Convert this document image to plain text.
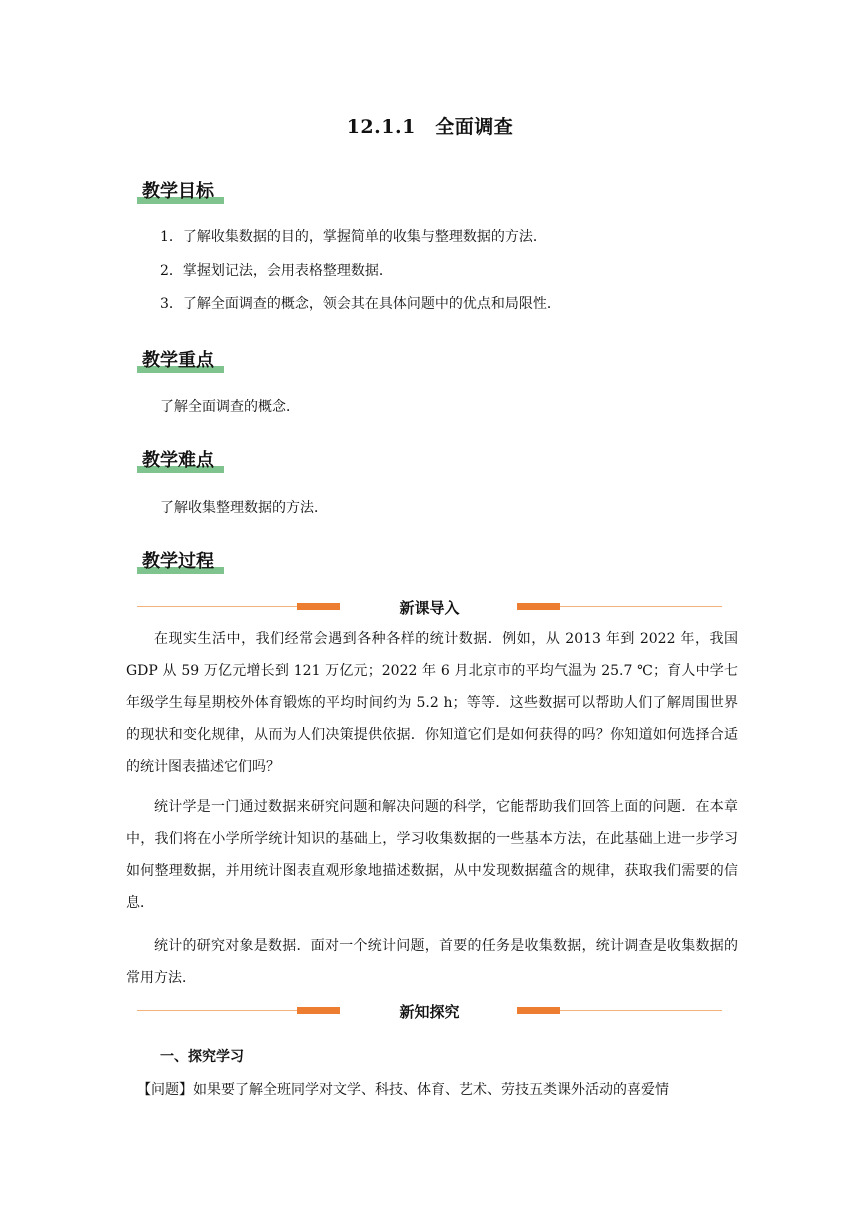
12.1.1　全面调查
教学目标
1．了解收集数据的目的，掌握简单的收集与整理数据的方法．
2．掌握划记法，会用表格整理数据．
3．了解全面调查的概念，领会其在具体问题中的优点和局限性．
教学重点
了解全面调查的概念．
教学难点
了解收集整理数据的方法．
教学过程
新课导入
在现实生活中，我们经常会遇到各种各样的统计数据．例如，从 2013 年到 2022 年，我国 GDP 从 59 万亿元增长到 121 万亿元；2022 年 6 月北京市的平均气温为 25.7 ℃；育人中学七年级学生每星期校外体育锻炼的平均时间约为 5.2 h；等等．这些数据可以帮助人们了解周围世界的现状和变化规律，从而为人们决策提供依据．你知道它们是如何获得的吗？你知道如何选择合适的统计图表描述它们吗？
统计学是一门通过数据来研究问题和解决问题的科学，它能帮助我们回答上面的问题．在本章中，我们将在小学所学统计知识的基础上，学习收集数据的一些基本方法，在此基础上进一步学习如何整理数据，并用统计图表直观形象地描述数据，从中发现数据蕴含的规律，获取我们需要的信息．
统计的研究对象是数据．面对一个统计问题，首要的任务是收集数据，统计调查是收集数据的常用方法．
新知探究
一、探究学习
【问题】如果要了解全班同学对文学、科技、体育、艺术、劳技五类课外活动的喜爱情
